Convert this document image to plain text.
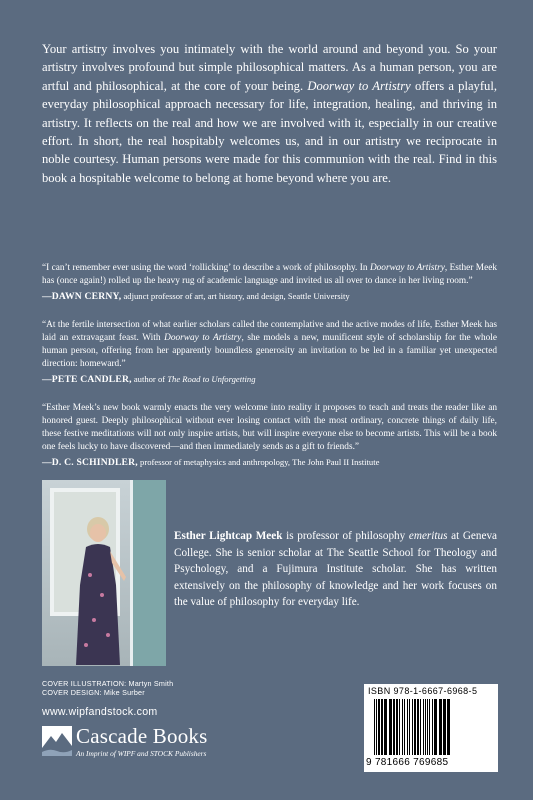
Your artistry involves you intimately with the world around and beyond you. So your artistry involves profound but simple philosophical matters. As a human person, you are artful and philosophical, at the core of your being. Doorway to Artistry offers a playful, everyday philosophical approach necessary for life, integration, healing, and thriving in artistry. It reflects on the real and how we are involved with it, especially in our creative effort. In short, the real hospitably welcomes us, and in our artistry we reciprocate in noble courtesy. Human persons were made for this communion with the real. Find in this book a hospitable welcome to belong at home beyond where you are.
“I can’t remember ever using the word ‘rollicking’ to describe a work of philosophy. In Doorway to Artistry, Esther Meek has (once again!) rolled up the heavy rug of academic language and invited us all over to dance in her living room.”
—DAWN CERNY, adjunct professor of art, art history, and design, Seattle University
“At the fertile intersection of what earlier scholars called the contemplative and the active modes of life, Esther Meek has laid an extravagant feast. With Doorway to Artistry, she models a new, munificent style of scholarship for the whole human person, offering from her apparently boundless generosity an invitation to be led in a familiar yet unexpected direction: homeward.”
—PETE CANDLER, author of The Road to Unforgetting
“Esther Meek’s new book warmly enacts the very welcome into reality it proposes to teach and treats the reader like an honored guest. Deeply philosophical without ever losing contact with the most ordinary, concrete things of daily life, these festive meditations will not only inspire artists, but will inspire everyone else to become artists. This will be a book one feels lucky to have discovered—and then immediately sends as a gift to friends.”
—D. C. SCHINDLER, professor of metaphysics and anthropology, The John Paul II Institute
Esther Lightcap Meek is professor of philosophy emeritus at Geneva College. She is senior scholar at The Seattle School for Theology and Psychology, and a Fujimura Institute scholar. She has written extensively on the philosophy of knowledge and her work focuses on the value of philosophy for everyday life.
COVER ILLUSTRATION: Martyn Smith
COVER DESIGN: Mike Surber
www.wipfandstock.com
Cascade Books
An Imprint of WIPF and STOCK Publishers
ISBN 978-1-6667-6968-5
9 781666 769685
